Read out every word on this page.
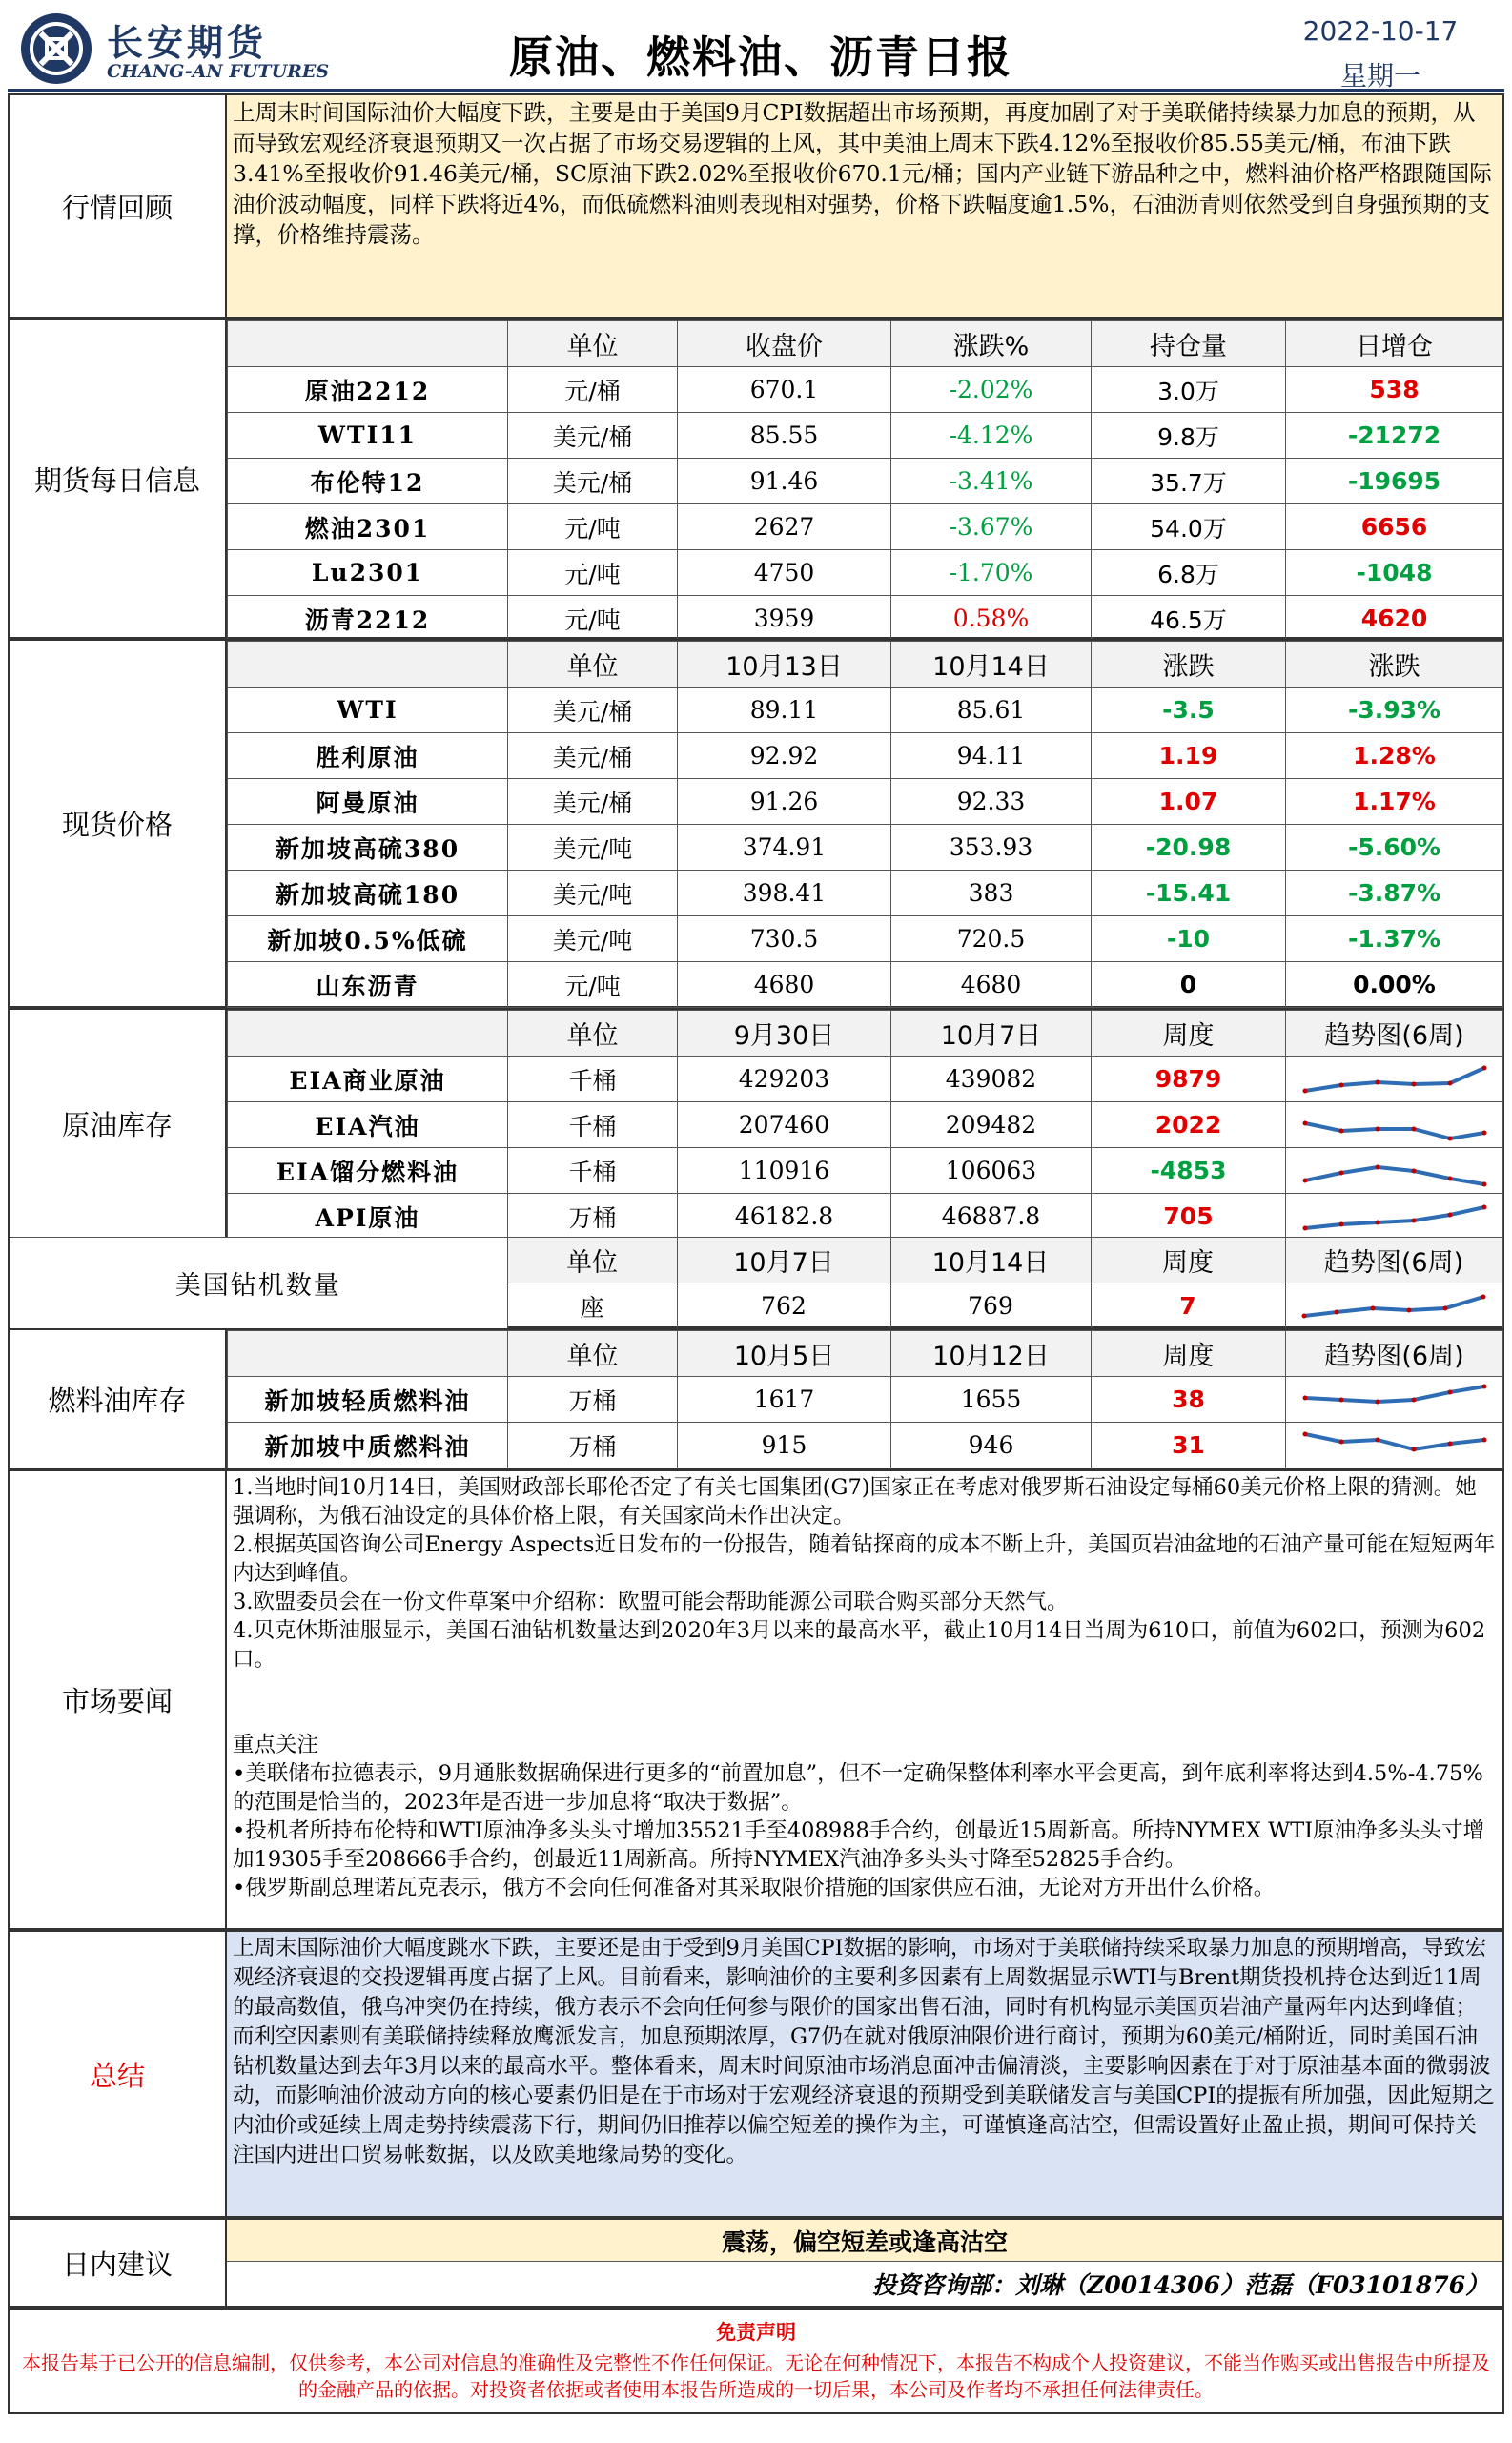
长安期货
CHANG-AN FUTURES	原油、燃料油、沥青日报
2022-10-17
星期一
行情回顾
上周末时间国际油价大幅度下跌，主要是由于美国9月CPI数据超出市场预期，再度加剧了对于美联储持续暴力加息的预期，从而导致宏观经济衰退预期又一次占据了市场交易逻辑的上风，其中美油上周末下跌4.12%至报收价85.55美元/桶，布油下跌3.41%至报收价91.46美元/桶，SC原油下跌2.02%至报收价670.1元/桶；国内产业链下游品种之中，燃料油价格严格跟随国际油价波动幅度，同样下跌将近4%，而低硫燃料油则表现相对强势，价格下跌幅度逾1.5%，石油沥青则依然受到自身强预期的支撑，价格维持震荡。
期货每日信息
	单位	收盘价	涨跌%	持仓量	日增仓
原油2212	元/桶	670.1	-2.02%	3.0万	538
WTI11	美元/桶	85.55	-4.12%	9.8万	-21272
布伦特12	美元/桶	91.46	-3.41%	35.7万	-19695
燃油2301	元/吨	2627	-3.67%	54.0万	6656
Lu2301	元/吨	4750	-1.70%	6.8万	-1048
沥青2212	元/吨	3959	0.58%	46.5万	4620
现货价格
	单位	10月13日	10月14日	涨跌	涨跌
WTI	美元/桶	89.11	85.61	-3.5	-3.93%
胜利原油	美元/桶	92.92	94.11	1.19	1.28%
阿曼原油	美元/桶	91.26	92.33	1.07	1.17%
新加坡高硫380	美元/吨	374.91	353.93	-20.98	-5.60%
新加坡高硫180	美元/吨	398.41	383	-15.41	-3.87%
新加坡0.5%低硫	美元/吨	730.5	720.5	-10	-1.37%
山东沥青	元/吨	4680	4680	0	0.00%
原油库存
	单位	9月30日	10月7日	周度	趋势图(6周)
EIA商业原油	千桶	429203	439082	9879	

EIA汽油	千桶	207460	209482	2022	

EIA馏分燃料油	千桶	110916	106063	-4853	

API原油	万桶	46182.8	46887.8	705	
美国钻机数量	单位	10月7日	10月14日	周度	趋势图(6周)
	座	762	769	7	
燃料油库存
	单位	10月5日	10月12日	周度	趋势图(6周)
新加坡轻质燃料油	万桶	1617	1655	38	

新加坡中质燃料油	万桶	915	946	31	
市场要闻
1.当地时间10月14日，美国财政部长耶伦否定了有关七国集团(G7)国家正在考虑对俄罗斯石油设定每桶60美元价格上限的猜测。她强调称，为俄石油设定的具体价格上限，有关国家尚未作出决定。
2.根据英国咨询公司Energy Aspects近日发布的一份报告，随着钻探商的成本不断上升，美国页岩油盆地的石油产量可能在短短两年内达到峰值。
3.欧盟委员会在一份文件草案中介绍称：欧盟可能会帮助能源公司联合购买部分天然气。
4.贝克休斯油服显示，美国石油钻机数量达到2020年3月以来的最高水平，截止10月14日当周为610口，前值为602口，预测为602口。
重点关注
•美联储布拉德表示，9月通胀数据确保进行更多的“前置加息”，但不一定确保整体利率水平会更高，到年底利率将达到4.5%-4.75%的范围是恰当的，2023年是否进一步加息将“取决于数据”。
•投机者所持布伦特和WTI原油净多头头寸增加35521手至408988手合约，创最近15周新高。所持NYMEX WTI原油净多头头寸增加19305手至208666手合约，创最近11周新高。所持NYMEX汽油净多头头寸降至52825手合约。
•俄罗斯副总理诺瓦克表示，俄方不会向任何准备对其采取限价措施的国家供应石油，无论对方开出什么价格。
总结
上周末国际油价大幅度跳水下跌，主要还是由于受到9月美国CPI数据的影响，市场对于美联储持续采取暴力加息的预期增高，导致宏观经济衰退的交投逻辑再度占据了上风。目前看来，影响油价的主要利多因素有上周数据显示WTI与Brent期货投机持仓达到近11周的最高数值，俄乌冲突仍在持续，俄方表示不会向任何参与限价的国家出售石油，同时有机构显示美国页岩油产量两年内达到峰值；而利空因素则有美联储持续释放鹰派发言，加息预期浓厚，G7仍在就对俄原油限价进行商讨，预期为60美元/桶附近，同时美国石油钻机数量达到去年3月以来的最高水平。整体看来，周末时间原油市场消息面冲击偏清淡，主要影响因素在于对于原油基本面的微弱波动，而影响油价波动方向的核心要素仍旧是在于市场对于宏观经济衰退的预期受到美联储发言与美国CPI的提振有所加强，因此短期之内油价或延续上周走势持续震荡下行，期间仍旧推荐以偏空短差的操作为主，可谨慎逢高沽空，但需设置好止盈止损，期间可保持关注国内进出口贸易帐数据，以及欧美地缘局势的变化。
日内建议
震荡，偏空短差或逢高沽空
投资咨询部：刘琳（Z0014306）范磊（F03101876）
免责声明
本报告基于已公开的信息编制，仅供参考，本公司对信息的准确性及完整性不作任何保证。无论在何种情况下，本报告不构成个人投资建议，不能当作购买或出售报告中所提及的金融产品的依据。对投资者依据或者使用本报告所造成的一切后果，本公司及作者均不承担任何法律责任。
